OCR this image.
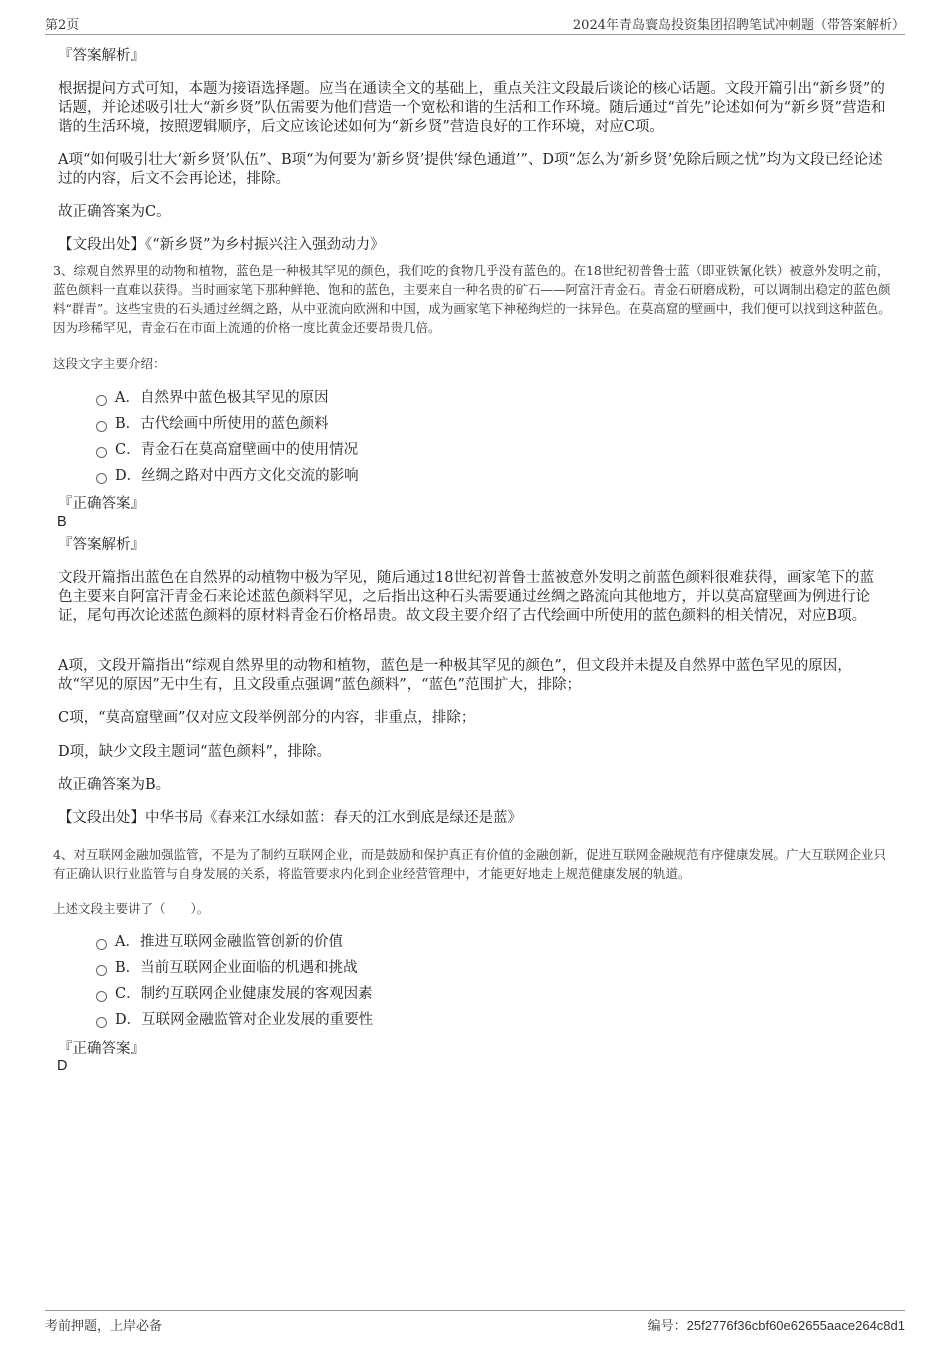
第2页	2024年青岛寰岛投资集团招聘笔试冲刺题（带答案解析）
『答案解析』
根据提问方式可知，本题为接语选择题。应当在通读全文的基础上，重点关注文段最后谈论的核心话题。文段开篇引出“新乡贤”的话题，并论述吸引壮大“新乡贤”队伍需要为他们营造一个宽松和谐的生活和工作环境。随后通过“首先”论述如何为“新乡贤”营造和谐的生活环境，按照逻辑顺序，后文应该论述如何为“新乡贤”营造良好的工作环境，对应C项。
A项“如何吸引壮大‘新乡贤’队伍”、B项“为何要为‘新乡贤’提供‘绿色通道’”、D项“怎么为‘新乡贤’免除后顾之忧”均为文段已经论述过的内容，后文不会再论述，排除。
故正确答案为C。
【文段出处】《“新乡贤”为乡村振兴注入强劲动力》
3、综观自然界里的动物和植物，蓝色是一种极其罕见的颜色，我们吃的食物几乎没有蓝色的。在18世纪初普鲁士蓝（即亚铁氰化铁）被意外发明之前，蓝色颜料一直难以获得。当时画家笔下那种鲜艳、饱和的蓝色，主要来自一种名贵的矿石——阿富汗青金石。青金石研磨成粉，可以调制出稳定的蓝色颜料“群青”。这些宝贵的石头通过丝绸之路，从中亚流向欧洲和中国，成为画家笔下神秘绚烂的一抹异色。在莫高窟的壁画中，我们便可以找到这种蓝色。因为珍稀罕见，青金石在市面上流通的价格一度比黄金还要昂贵几倍。
这段文字主要介绍：
A．自然界中蓝色极其罕见的原因
B．古代绘画中所使用的蓝色颜料
C．青金石在莫高窟壁画中的使用情况
D．丝绸之路对中西方文化交流的影响
『正确答案』
B
『答案解析』
文段开篇指出蓝色在自然界的动植物中极为罕见，随后通过18世纪初普鲁士蓝被意外发明之前蓝色颜料很难获得，画家笔下的蓝色主要来自阿富汗青金石来论述蓝色颜料罕见，之后指出这种石头需要通过丝绸之路流向其他地方，并以莫高窟壁画为例进行论证，尾句再次论述蓝色颜料的原材料青金石价格昂贵。故文段主要介绍了古代绘画中所使用的蓝色颜料的相关情况，对应B项。
A项，文段开篇指出“综观自然界里的动物和植物，蓝色是一种极其罕见的颜色”，但文段并未提及自然界中蓝色罕见的原因，故“罕见的原因”无中生有，且文段重点强调“蓝色颜料”，“蓝色”范围扩大，排除；
C项，“莫高窟壁画”仅对应文段举例部分的内容，非重点，排除；
D项，缺少文段主题词“蓝色颜料”，排除。
故正确答案为B。
【文段出处】中华书局《春来江水绿如蓝：春天的江水到底是绿还是蓝》
4、对互联网金融加强监管，不是为了制约互联网企业，而是鼓励和保护真正有价值的金融创新，促进互联网金融规范有序健康发展。广大互联网企业只有正确认识行业监管与自身发展的关系，将监管要求内化到企业经营管理中，才能更好地走上规范健康发展的轨道。
上述文段主要讲了（　　）。
A．推进互联网金融监管创新的价值
B．当前互联网企业面临的机遇和挑战
C．制约互联网企业健康发展的客观因素
D．互联网金融监管对企业发展的重要性
『正确答案』
D
考前押题，上岸必备	编号：25f2776f36cbf60e62655aace264c8d1
